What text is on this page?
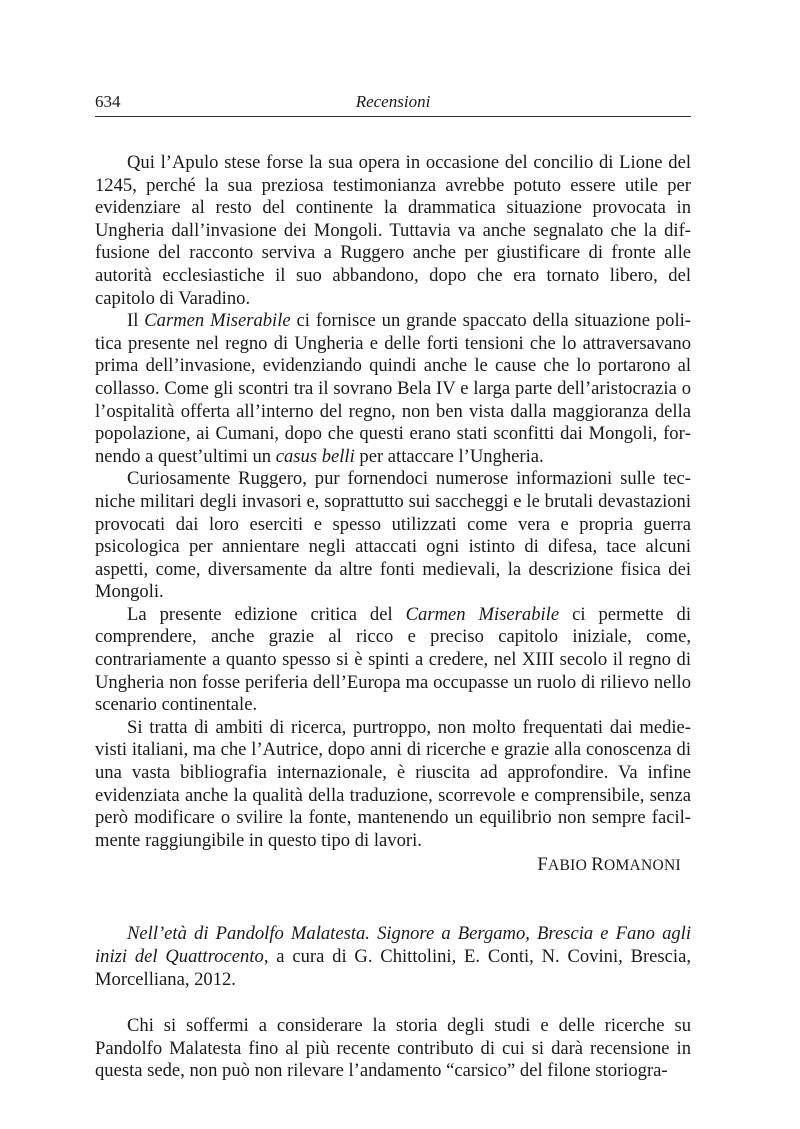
634	Recensioni

Qui l’Apulo stese forse la sua opera in occasione del concilio di Lione del 1245, perché la sua preziosa testimonianza avrebbe potuto essere utile per evidenziare al resto del continente la drammatica situazione provocata in Ungheria dall’invasione dei Mongoli. Tuttavia va anche segnalato che la diffusione del racconto serviva a Ruggero anche per giustificare di fronte alle autorità ecclesiastiche il suo abbandono, dopo che era tornato libero, del capitolo di Varadino.

Il Carmen Miserabile ci fornisce un grande spaccato della situazione politica presente nel regno di Ungheria e delle forti tensioni che lo attraversavano prima dell’invasione, evidenziando quindi anche le cause che lo portarono al collasso. Come gli scontri tra il sovrano Bela IV e larga parte dell’aristocrazia o l’ospitalità offerta all’interno del regno, non ben vista dalla maggioranza della popolazione, ai Cumani, dopo che questi erano stati sconfitti dai Mongoli, fornendo a quest’ultimi un casus belli per attaccare l’Ungheria.

Curiosamente Ruggero, pur fornendoci numerose informazioni sulle tecniche militari degli invasori e, soprattutto sui saccheggi e le brutali devastazioni provocati dai loro eserciti e spesso utilizzati come vera e propria guerra psicologica per annientare negli attaccati ogni istinto di difesa, tace alcuni aspetti, come, diversamente da altre fonti medievali, la descrizione fisica dei Mongoli.

La presente edizione critica del Carmen Miserabile ci permette di comprendere, anche grazie al ricco e preciso capitolo iniziale, come, contrariamente a quanto spesso si è spinti a credere, nel XIII secolo il regno di Ungheria non fosse periferia dell’Europa ma occupasse un ruolo di rilievo nello scenario continentale.

Si tratta di ambiti di ricerca, purtroppo, non molto frequentati dai medievisti italiani, ma che l’Autrice, dopo anni di ricerche e grazie alla conoscenza di una vasta bibliografia internazionale, è riuscita ad approfondire. Va infine evidenziata anche la qualità della traduzione, scorrevole e comprensibile, senza però modificare o svilire la fonte, mantenendo un equilibrio non sempre facilmente raggiungibile in questo tipo di lavori.

FABIO ROMANONI

Nell’età di Pandolfo Malatesta. Signore a Bergamo, Brescia e Fano agli inizi del Quattrocento, a cura di G. Chittolini, E. Conti, N. Covini, Brescia, Morcelliana, 2012.

Chi si soffermi a considerare la storia degli studi e delle ricerche su Pandolfo Malatesta fino al più recente contributo di cui si darà recensione in questa sede, non può non rilevare l’andamento “carsico” del filone storiogra-
